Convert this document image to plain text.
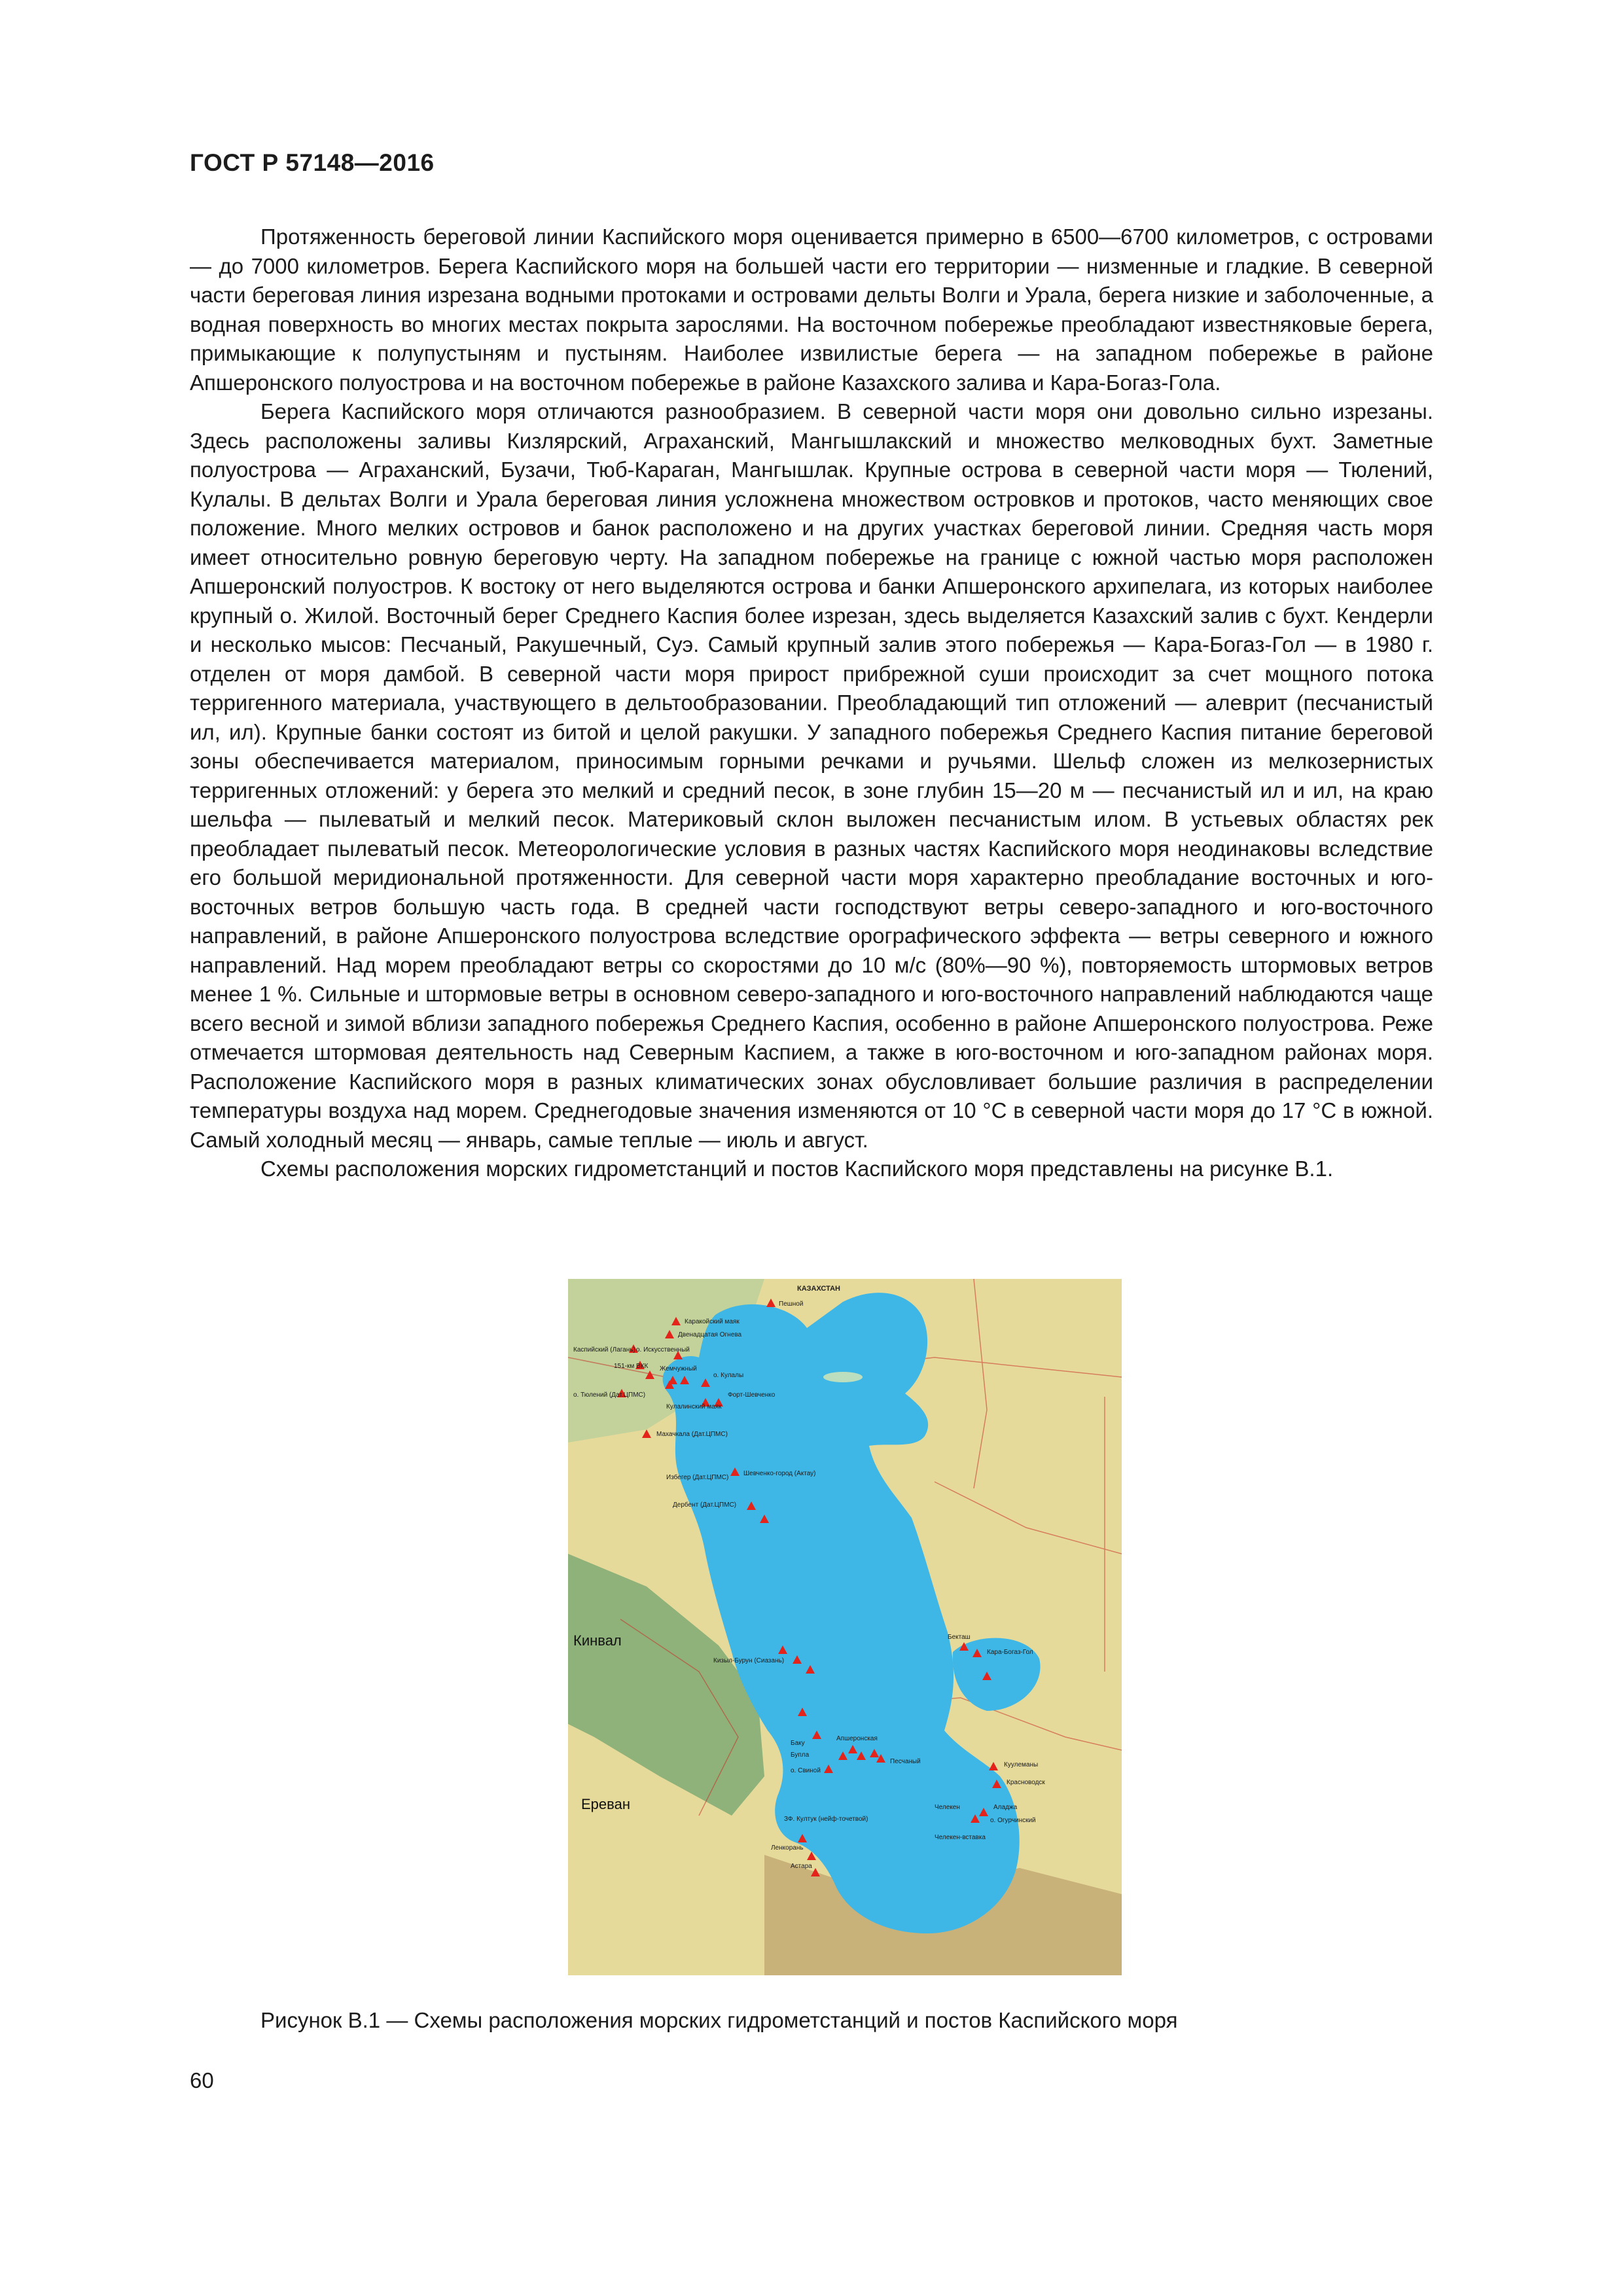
ГОСТ Р 57148—2016

Протяженность береговой линии Каспийского моря оценивается примерно в 6500—6700 километров, с островами — до 7000 километров. Берега Каспийского моря на большей части его территории — низменные и гладкие. В северной части береговая линия изрезана водными протоками и островами дельты Волги и Урала, берега низкие и заболоченные, а водная поверхность во многих местах покрыта зарослями. На восточном побережье преобладают известняковые берега, примыкающие к полупустыням и пустыням. Наиболее извилистые берега — на западном побережье в районе Апшеронского полуострова и на восточном побережье в районе Казахского залива и Кара-Богаз-Гола.

Берега Каспийского моря отличаются разнообразием. В северной части моря они довольно сильно изрезаны. Здесь расположены заливы Кизлярский, Аграханский, Мангышлакский и множество мелководных бухт. Заметные полуострова — Аграханский, Бузачи, Тюб-Караган, Мангышлак. Крупные острова в северной части моря — Тюлений, Кулалы. В дельтах Волги и Урала береговая линия усложнена множеством островков и протоков, часто меняющих свое положение. Много мелких островов и банок расположено и на других участках береговой линии. Средняя часть моря имеет относительно ровную береговую черту. На западном побережье на границе с южной частью моря расположен Апшеронский полуостров. К востоку от него выделяются острова и банки Апшеронского архипелага, из которых наиболее крупный о. Жилой. Восточный берег Среднего Каспия более изрезан, здесь выделяется Казахский залив с бухт. Кендерли и несколько мысов: Песчаный, Ракушечный, Суэ. Самый крупный залив этого побережья — Кара-Богаз-Гол — в 1980 г. отделен от моря дамбой. В северной части моря прирост прибрежной суши происходит за счет мощного потока терригенного материала, участвующего в дельтообразовании. Преобладающий тип отложений — алеврит (песчанистый ил, ил). Крупные банки состоят из битой и целой ракушки. У западного побережья Среднего Каспия питание береговой зоны обеспечивается материалом, приносимым горными речками и ручьями. Шельф сложен из мелкозернистых терригенных отложений: у берега это мелкий и средний песок, в зоне глубин 15—20 м — песчанистый ил и ил, на краю шельфа — пылеватый и мелкий песок. Материковый склон выложен песчанистым илом. В устьевых областях рек преобладает пылеватый песок. Метеорологические условия в разных частях Каспийского моря неодинаковы вследствие его большой меридиональной протяженности. Для северной части моря характерно преобладание восточных и юго-восточных ветров большую часть года. В средней части господствуют ветры северо-западного и юго-восточного направлений, в районе Апшеронского полуострова вследствие орографического эффекта — ветры северного и южного направлений. Над морем преобладают ветры со скоростями до 10 м/с (80%—90 %), повторяемость штормовых ветров менее 1 %. Сильные и штормовые ветры в основном северо-западного и юго-восточного направлений наблюдаются чаще всего весной и зимой вблизи западного побережья Среднего Каспия, особенно в районе Апшеронского полуострова. Реже отмечается штормовая деятельность над Северным Каспием, а также в юго-восточном и юго-западном районах моря. Расположение Каспийского моря в разных климатических зонах обусловливает большие различия в распределении температуры воздуха над морем. Среднегодовые значения изменяются от 10 °С в северной части моря до 17 °С в южной. Самый холодный месяц — январь, самые теплые — июль и август.

Схемы расположения морских гидрометстанций и постов Каспийского моря представлены на рисунке В.1.

КАЗАХСТАН
Кинвал
Ереван
Пешной
Каракойский маяк
Двенадцатая Огнева
Каспийский (Лагань) о. Искусственный
151-км ВКК Жемчужный
о. Кулалы
о. Тюлений (Дат.ЦПМС)	Форт-Шевченко
Кулалинский маяк
Шевченко-город (Актау)
Махачкала (Дат.ЦПМС)
Избегер (Дат.ЦПМС)
Дербент (Дат.ЦПМС)
Бекташ
Кара-Богаз-Гол
Кизыл-Бурун (Сиазань)
Апшеронская
Баку
Бупла
Песчаный
о. Свиной
Куулеманы
Красноводск
Челекен	Аладжа
о. Огурчинский
ЗФ. Култук (нейф-точетвой)
Челекен-вставка
Ленкорань
Астара
Рисунок В.1 — Схемы расположения морских гидрометстанций и постов Каспийского моря
60
